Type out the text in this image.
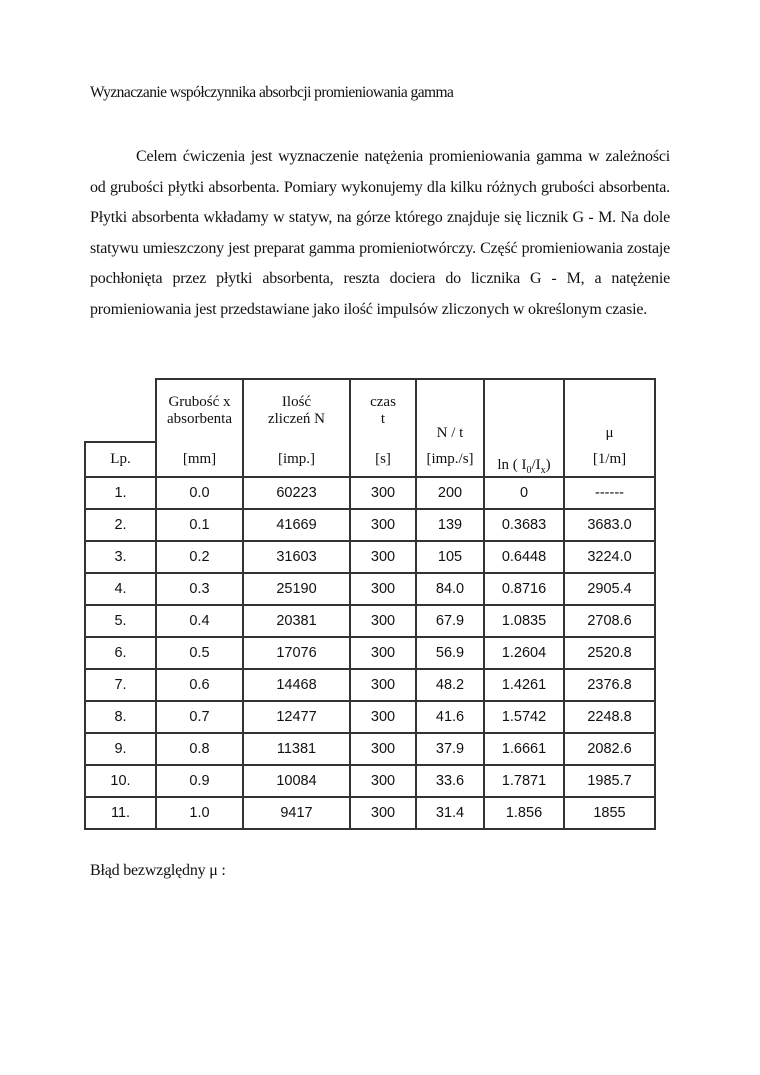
Wyznaczanie współczynnika absorbcji promieniowania gamma
Celem ćwiczenia jest wyznaczenie natężenia promieniowania gamma w zależności od grubości płytki absorbenta. Pomiary wykonujemy dla kilku różnych grubości absorbenta. Płytki absorbenta wkładamy w statyw, na górze którego znajduje się licznik G - M. Na dole statywu umieszczony jest preparat gamma promieniotwórczy. Część promieniowania zostaje pochłonięta przez płytki absorbenta, reszta dociera do licznika G - M, a natężenie promieniowania jest przedstawiane jako ilość impulsów zliczonych w określonym czasie.
	Grubość x	Ilość	czas	N / t	ln ( $I_0/I_x$)	μ
	absorbenta	zliczeń N	t			
Lp.	[mm]	[imp.]	[s]	[imp./s]		[1/m]
1.	0.0	60223	300	200	0	------
2.	0.1	41669	300	139	0.3683	3683.0
3.	0.2	31603	300	105	0.6448	3224.0
4.	0.3	25190	300	84.0	0.8716	2905.4
5.	0.4	20381	300	67.9	1.0835	2708.6
6.	0.5	17076	300	56.9	1.2604	2520.8
7.	0.6	14468	300	48.2	1.4261	2376.8
8.	0.7	12477	300	41.6	1.5742	2248.8
9.	0.8	11381	300	37.9	1.6661	2082.6
10.	0.9	10084	300	33.6	1.7871	1985.7
11.	1.0	9417	300	31.4	1.856	1855
Błąd bezwzględny μ :
